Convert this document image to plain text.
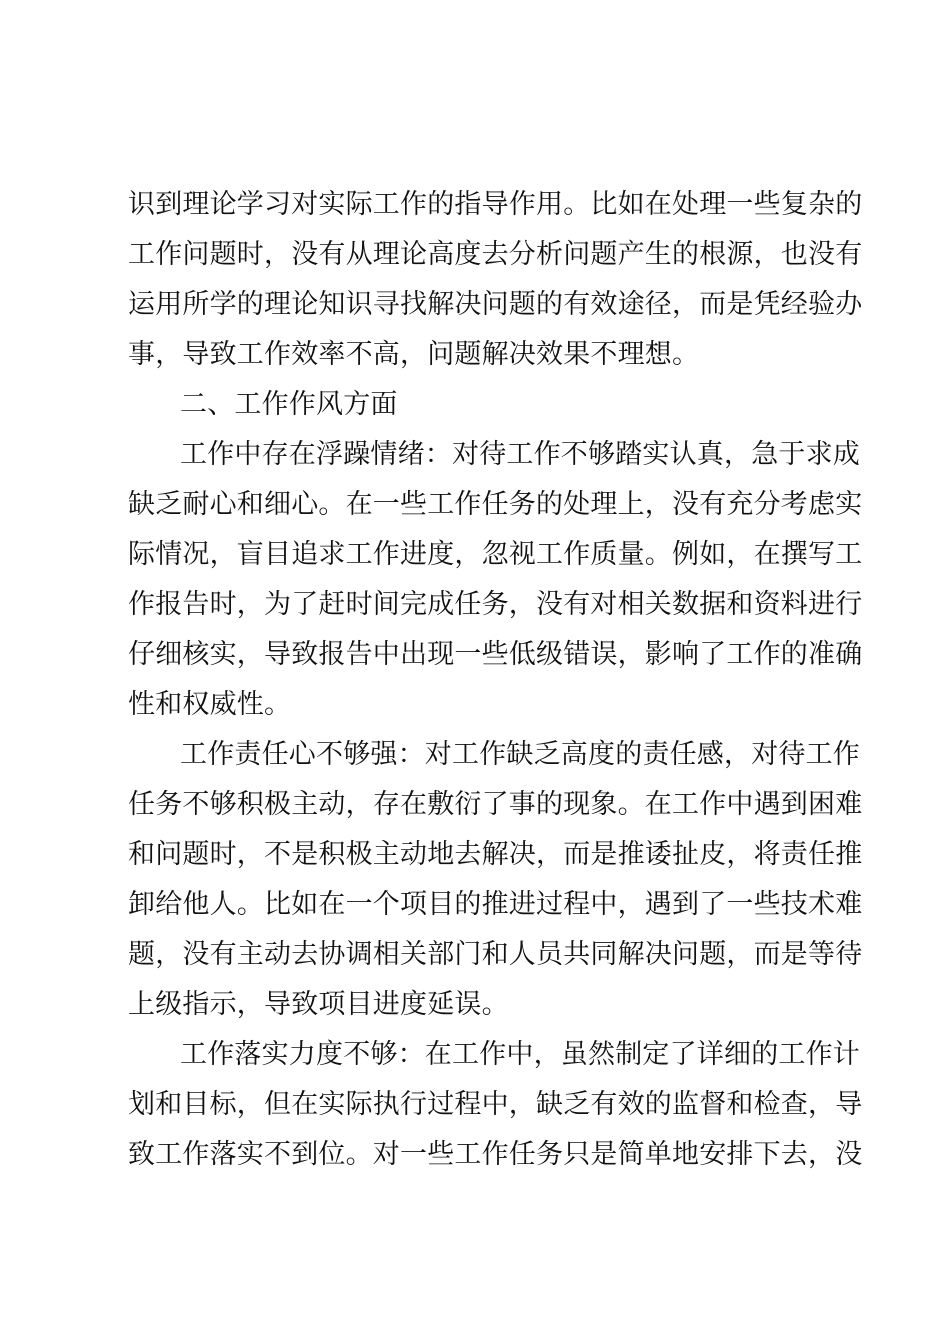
识到理论学习对实际工作的指导作用。比如在处理一些复杂的
工作问题时，没有从理论高度去分析问题产生的根源，也没有
运用所学的理论知识寻找解决问题的有效途径，而是凭经验办
事，导致工作效率不高，问题解决效果不理想。
二、工作作风方面
工作中存在浮躁情绪：对待工作不够踏实认真，急于求成
缺乏耐心和细心。在一些工作任务的处理上，没有充分考虑实
际情况，盲目追求工作进度，忽视工作质量。例如，在撰写工
作报告时，为了赶时间完成任务，没有对相关数据和资料进行
仔细核实，导致报告中出现一些低级错误，影响了工作的准确
性和权威性。
工作责任心不够强：对工作缺乏高度的责任感，对待工作
任务不够积极主动，存在敷衍了事的现象。在工作中遇到困难
和问题时，不是积极主动地去解决，而是推诿扯皮，将责任推
卸给他人。比如在一个项目的推进过程中，遇到了一些技术难
题，没有主动去协调相关部门和人员共同解决问题，而是等待
上级指示，导致项目进度延误。
工作落实力度不够：在工作中，虽然制定了详细的工作计
划和目标，但在实际执行过程中，缺乏有效的监督和检查，导
致工作落实不到位。对一些工作任务只是简单地安排下去，没
